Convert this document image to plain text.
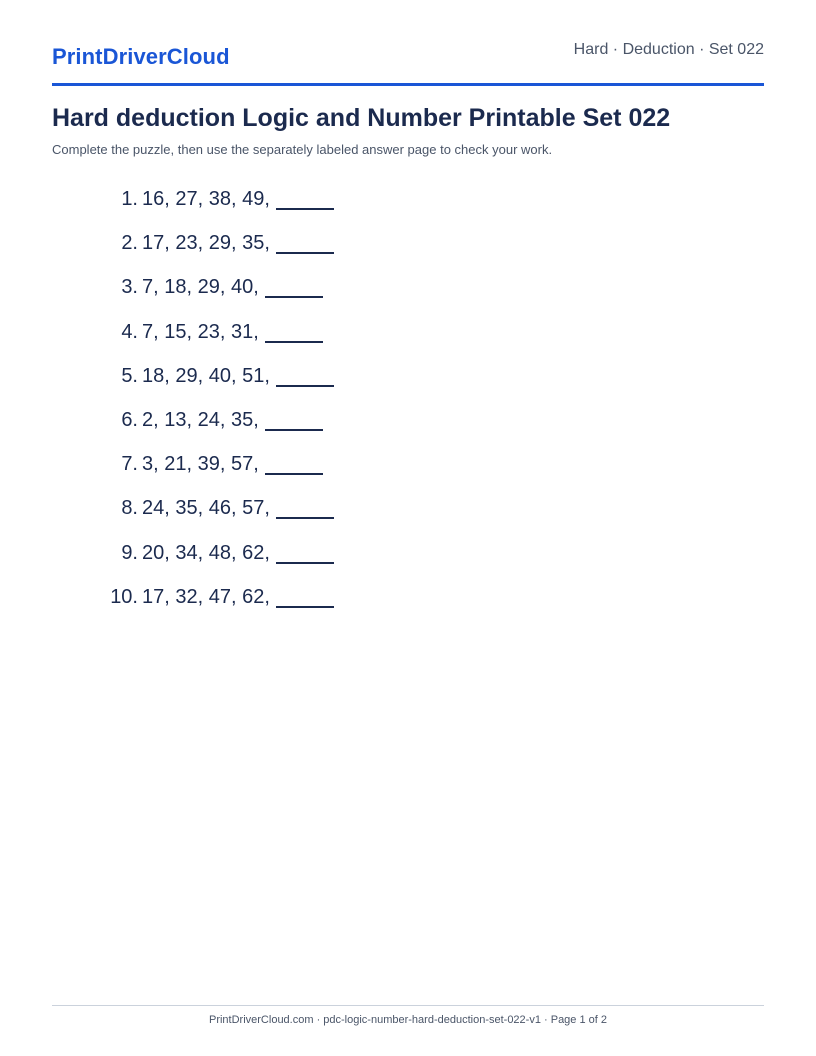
PrintDriverCloud	Hard · Deduction · Set 022
Hard deduction Logic and Number Printable Set 022

Complete the puzzle, then use the separately labeled answer page to check your work.

1. 16, 27, 38, 49,
2. 17, 23, 29, 35,
3. 7, 18, 29, 40,
4. 7, 15, 23, 31,
5. 18, 29, 40, 51,
6. 2, 13, 24, 35,
7. 3, 21, 39, 57,
8. 24, 35, 46, 57,
9. 20, 34, 48, 62,
10. 17, 32, 47, 62,
PrintDriverCloud.com · pdc-logic-number-hard-deduction-set-022-v1 · Page 1 of 2
